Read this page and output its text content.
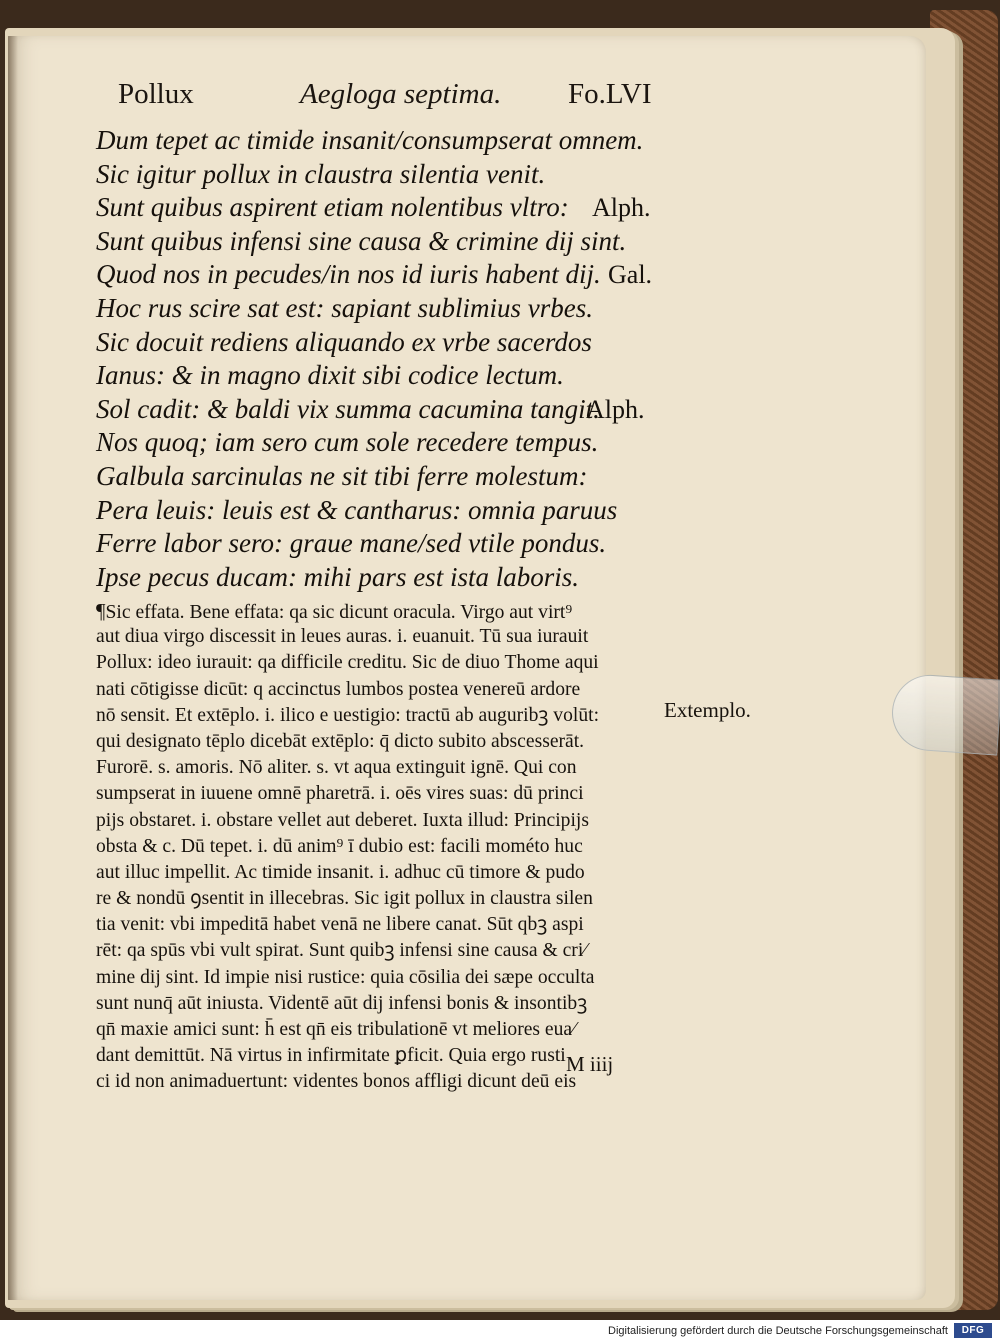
Pollux	Aegloga septima. Fo.LVI
Dum tepet ac timide insanit/consumpserat omnem.
Sic igitur pollux in claustra silentia venit.
Sunt quibus aspirent etiam nolentibus vltro: Alph.
Sunt quibus infensi sine causa & crimine dij sint.
Quod nos in pecudes/in nos id iuris habent dij. Gal.
Hoc rus scire sat est: sapiant sublimius vrbes.
Sic docuit rediens aliquando ex vrbe sacerdos
Ianus: & in magno dixit sibi codice lectum.
Sol cadit: & baldi vix summa cacumina tangit.
Alph.
Nos quoq; iam sero cum sole recedere tempus.
Galbula sarcinulas ne sit tibi ferre molestum:
Pera leuis: leuis est & cantharus: omnia paruus
Ferre labor sero: graue mane/sed vtile pondus.
Ipse pecus ducam: mihi pars est ista laboris.
¶Sic effata. Bene effata: qa sic dicunt oracula. Virgo aut virt⁹
aut diua virgo discessit in leues auras. i. euanuit. Tū sua iurauit
Pollux: ideo iurauit: qa difficile creditu. Sic de diuo Thome aqui
nati cōtigisse dicūt: q accinctus lumbos postea venereū ardore
nō sensit. Et extēplo. i. ilico e uestigio: tractū ab auguribꝫ volūt:
qui designato tēplo dicebāt extēplo: q̄ dicto subito abscesserāt.
Furorē. s. amoris. Nō aliter. s. vt aqua extinguit ignē. Qui con
sumpserat in iuuene omnē pharetrā. i. oēs vires suas: dū princi
pijs obstaret. i. obstare vellet aut deberet. Iuxta illud: Principijs
obsta & c. Dū tepet. i. dū anim⁹ ī dubio est: facili mométo huc
aut illuc impellit. Ac timide insanit. i. adhuc cū timore & pudo
re & nondū ꝯsentit in illecebras. Sic igit pollux in claustra silen
tia venit: vbi impeditā habet venā ne libere canat. Sūt qbꝫ aspi
rēt: qa spūs vbi vult spirat. Sunt quibꝫ infensi sine causa & cri⁄
mine dij sint. Id impie nisi rustice: quia cōsilia dei sæpe occulta
sunt nunq̄ aūt iniusta. Videntē aūt dij infensi bonis & insontibꝫ
qn̄ maxie amici sunt: h̄ est qn̄ eis tribulationē vt meliores eua⁄
dant demittūt. Nā virtus in infirmitate ꝑficit. Quia ergo rusti
ci id non animaduertunt: videntes bonos affligi dicunt deū eis
Extemplo.
M iiij
Digitalisierung gefördert durch die Deutsche Forschungsgemeinschaft	DFG
